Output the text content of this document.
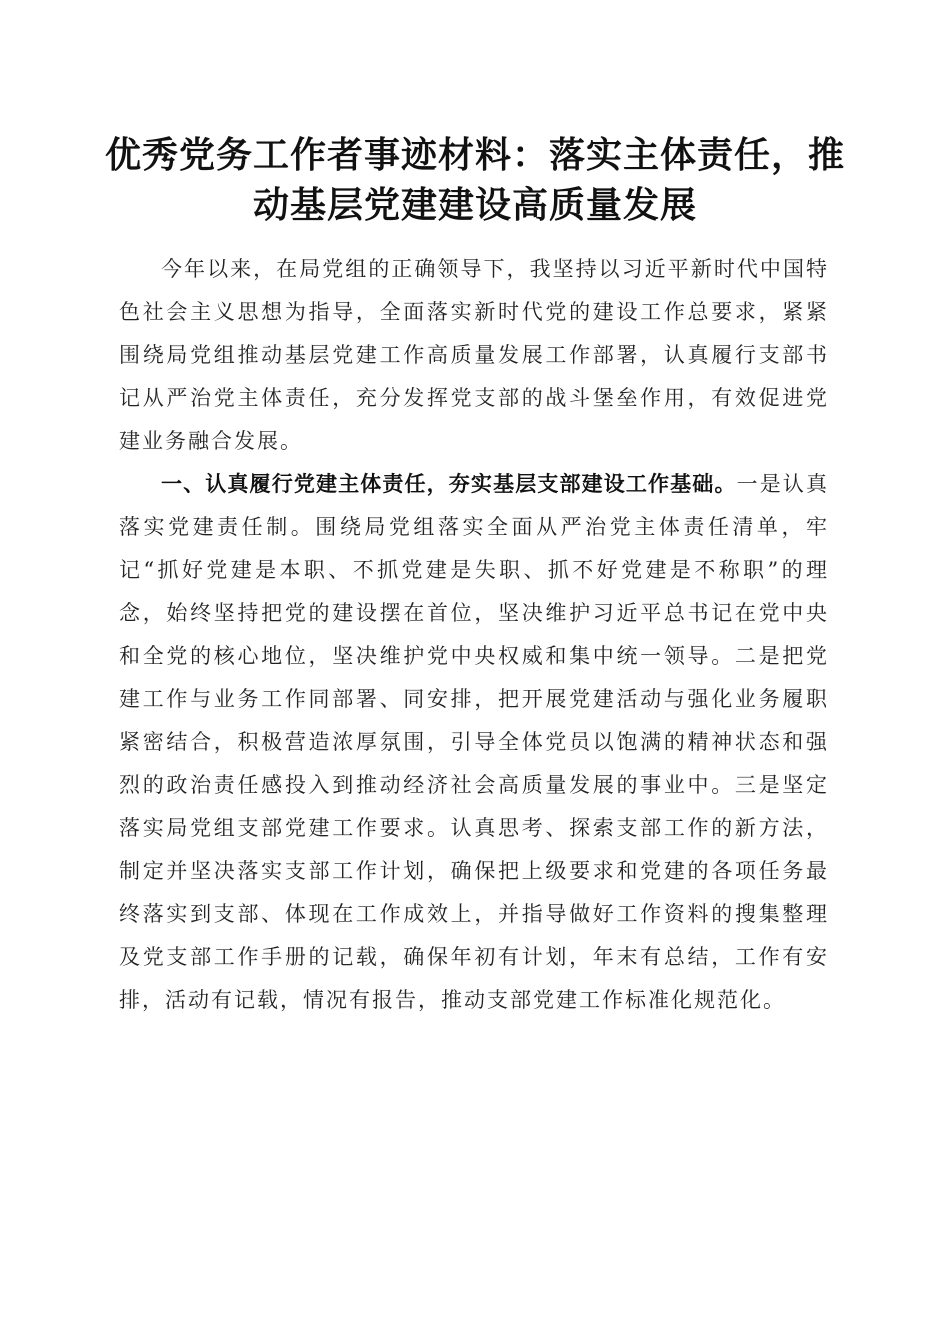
优秀党务工作者事迹材料：落实主体责任，推
动基层党建建设高质量发展

今年以来，在局党组的正确领导下，我坚持以习近平新时代中国特色社会主义思想为指导，全面落实新时代党的建设工作总要求，紧紧围绕局党组推动基层党建工作高质量发展工作部署，认真履行支部书记从严治党主体责任，充分发挥党支部的战斗堡垒作用，有效促进党建业务融合发展。

一、认真履行党建主体责任，夯实基层支部建设工作基础。一是认真落实党建责任制。围绕局党组落实全面从严治党主体责任清单，牢记“抓好党建是本职、不抓党建是失职、抓不好党建是不称职”的理念，始终坚持把党的建设摆在首位，坚决维护习近平总书记在党中央和全党的核心地位，坚决维护党中央权威和集中统一领导。二是把党建工作与业务工作同部署、同安排，把开展党建活动与强化业务履职紧密结合，积极营造浓厚氛围，引导全体党员以饱满的精神状态和强烈的政治责任感投入到推动经济社会高质量发展的事业中。三是坚定落实局党组支部党建工作要求。认真思考、探索支部工作的新方法，制定并坚决落实支部工作计划，确保把上级要求和党建的各项任务最终落实到支部、体现在工作成效上，并指导做好工作资料的搜集整理及党支部工作手册的记载，确保年初有计划，年末有总结，工作有安排，活动有记载，情况有报告，推动支部党建工作标准化规范化。
